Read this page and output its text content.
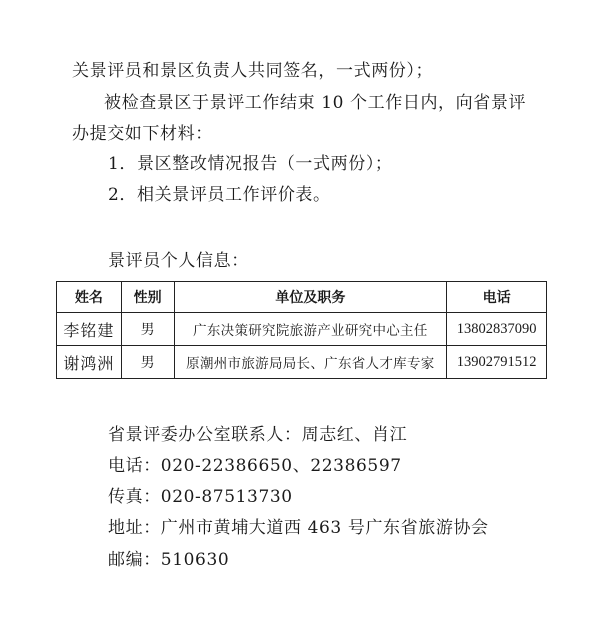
关景评员和景区负责人共同签名，一式两份）；
被检查景区于景评工作结束 10 个工作日内，向省景评
办提交如下材料：
1．景区整改情况报告（一式两份）；
2．相关景评员工作评价表。
景评员个人信息：
姓名	性别	单位及职务	电话
李铭建	男	广东决策研究院旅游产业研究中心主任	13802837090
谢鸿洲	男	原潮州市旅游局局长、广东省人才库专家	13902791512
省景评委办公室联系人：周志红、肖江
电话：020-22386650、22386597
传真：020-87513730
地址：广州市黄埔大道西 463 号广东省旅游协会
邮编：510630
